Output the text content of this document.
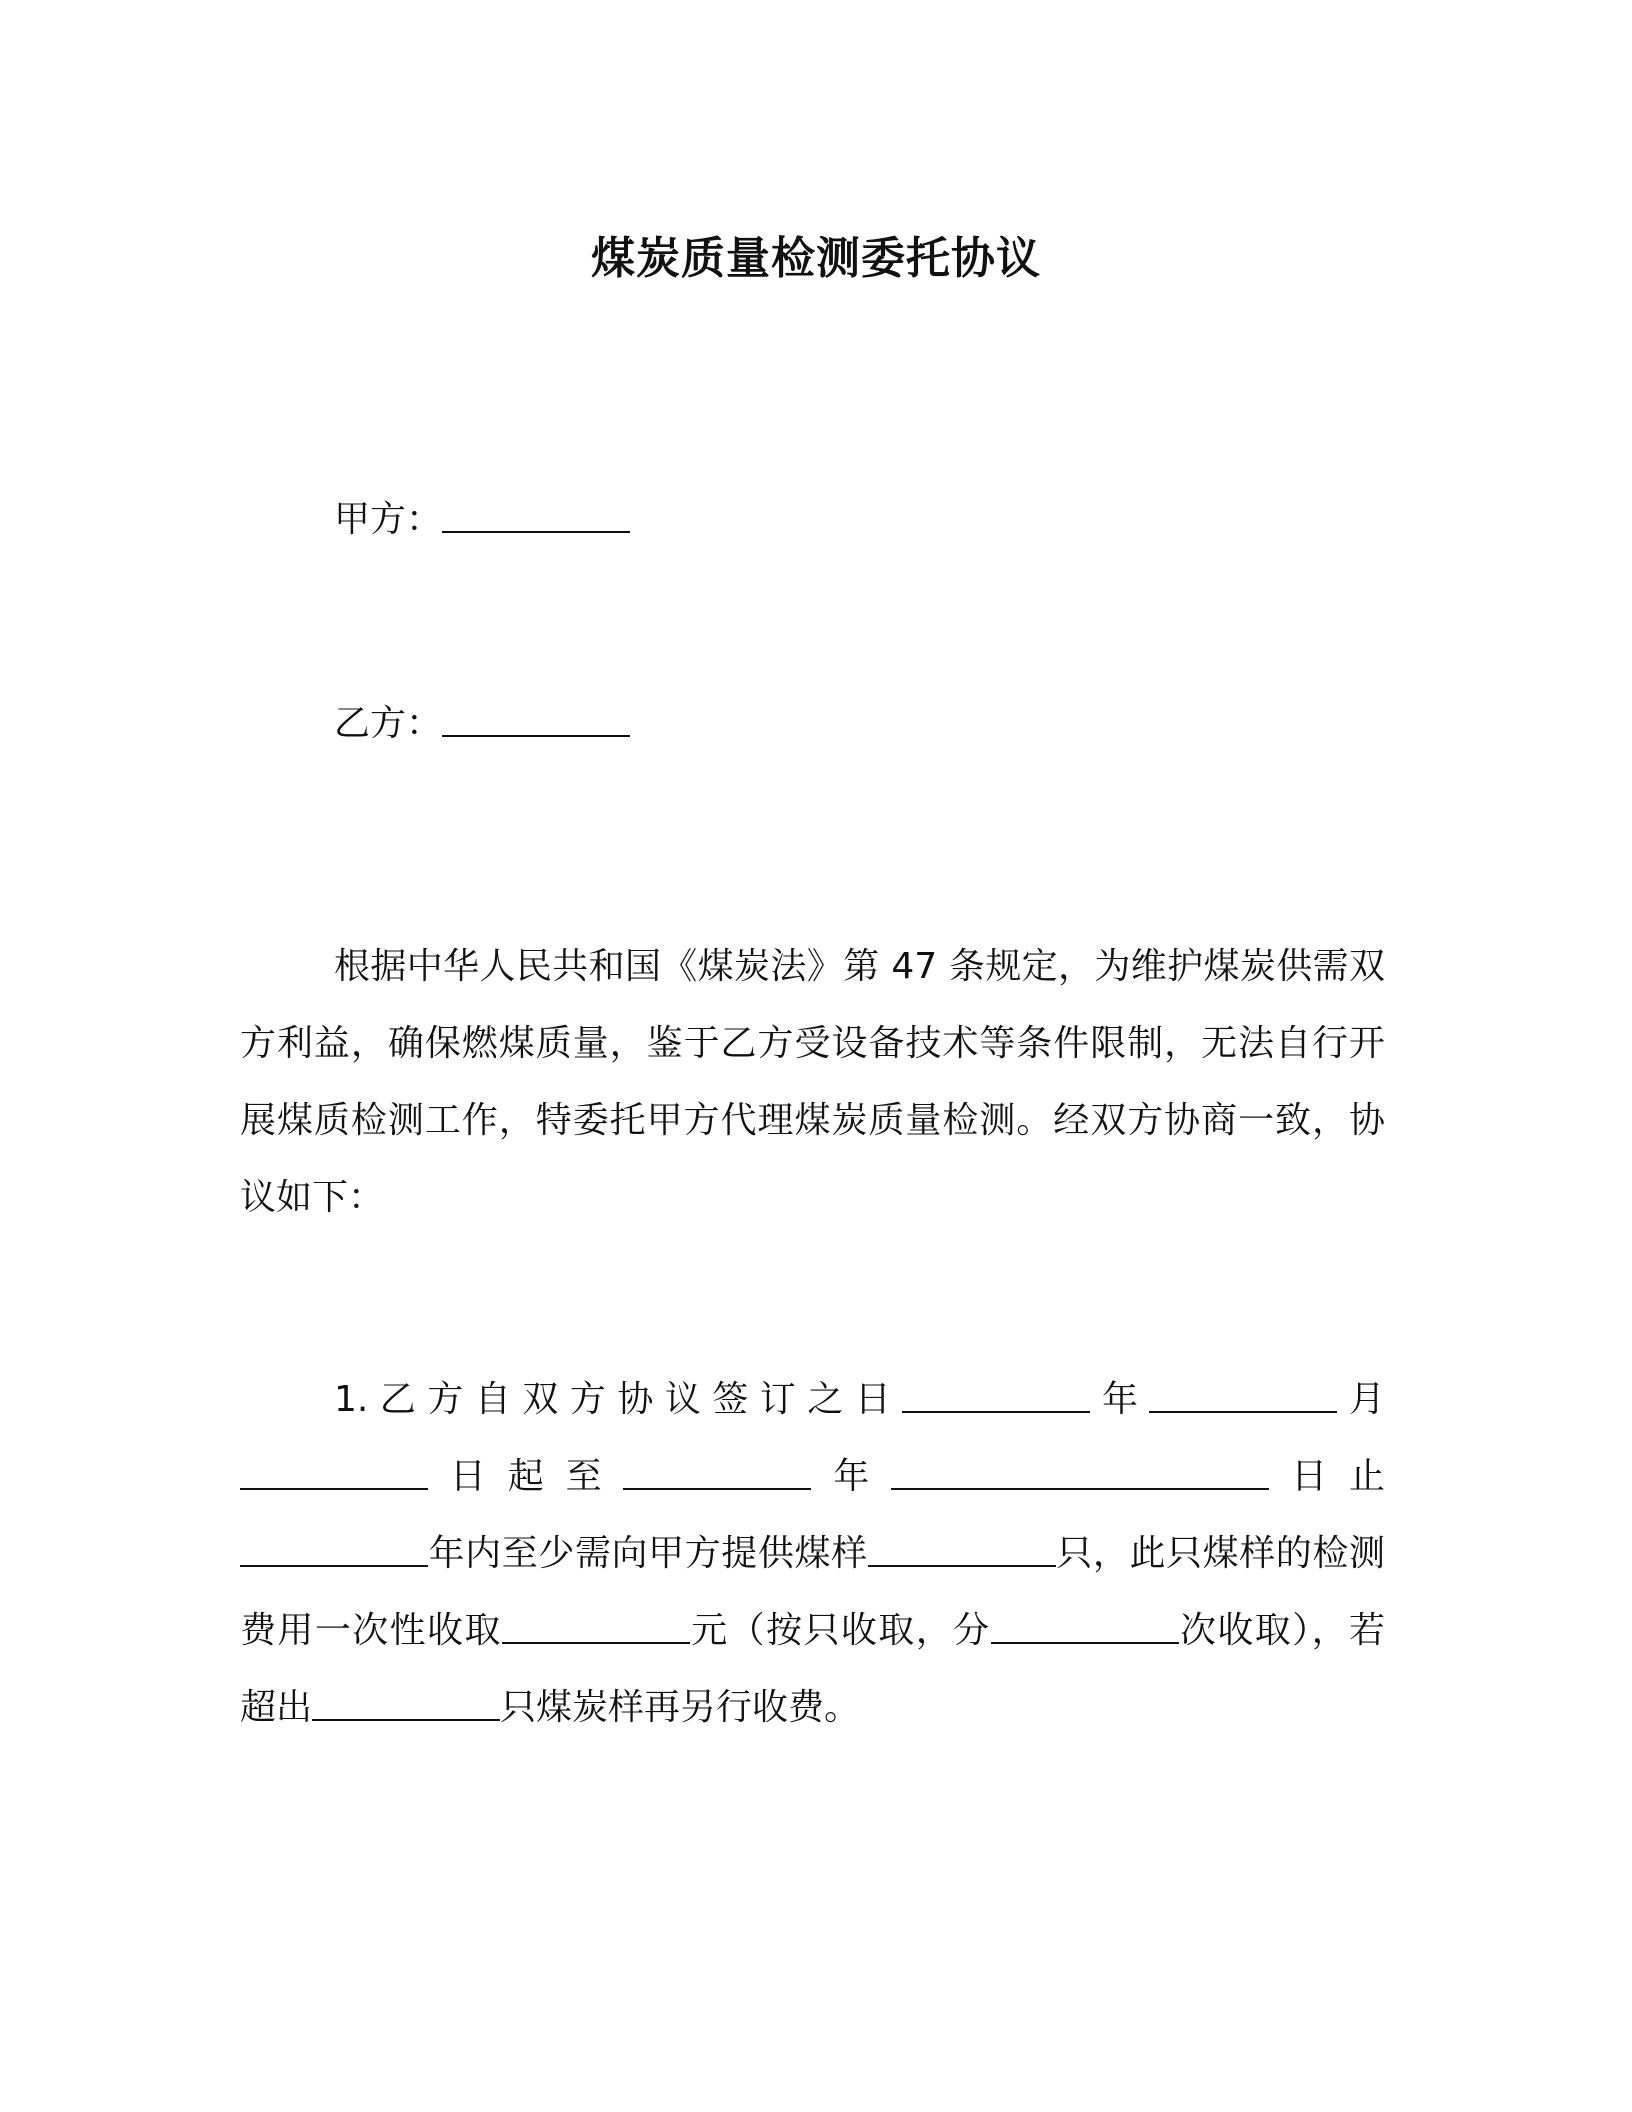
煤炭质量检测委托协议
甲方：
乙方：

根据中华人民共和国《煤炭法》第 47 条规定，为维护煤炭供需双方利益，确保燃煤质量，鉴于乙方受设备技术等条件限制，无法自行开展煤质检测工作，特委托甲方代理煤炭质量检测。经双方协商一致，协议如下：

1.乙方自双方协议签订之日	年	月日起至	年	日止年内至少需向甲方提供煤样	只，此只煤样的检测费用一次性收取	元（按只收取，分	次收取），若超出	只煤炭样再另行收费。
